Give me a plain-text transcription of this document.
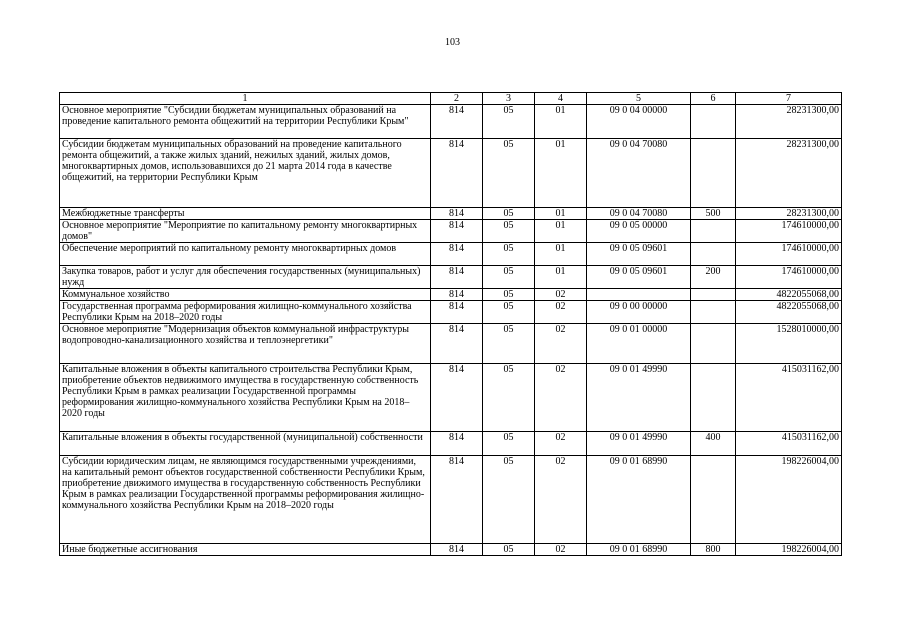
103
1	2	3	4	5	6	7
Основное мероприятие "Субсидии бюджетам муниципальных образований на проведение капитального ремонта общежитий на территории Республики Крым"	814	05	01	09 0 04 00000		28231300,00
Субсидии бюджетам муниципальных образований на проведение капитального ремонта общежитий, а также жилых зданий, нежилых зданий, жилых домов, многоквартирных домов, использовавшихся до 21 марта 2014 года в качестве общежитий, на территории Республики Крым	814	05	01	09 0 04 70080		28231300,00
Межбюджетные трансферты	814	05	01	09 0 04 70080	500	28231300,00
Основное мероприятие "Мероприятие по капитальному ремонту многоквартирных домов"	814	05	01	09 0 05 00000		174610000,00
Обеспечение мероприятий по капитальному ремонту многоквартирных домов	814	05	01	09 0 05 09601		174610000,00
Закупка товаров, работ и услуг для обеспечения государственных (муниципальных) нужд	814	05	01	09 0 05 09601	200	174610000,00
Коммунальное хозяйство	814	05	02			4822055068,00
Государственная программа реформирования жилищно-коммунального хозяйства Республики Крым на 2018–2020 годы	814	05	02	09 0 00 00000		4822055068,00
Основное мероприятие "Модернизация объектов коммунальной инфраструктуры водопроводно-канализационного хозяйства и теплоэнергетики"	814	05	02	09 0 01 00000		1528010000,00
Капитальные вложения в объекты капитального строительства Республики Крым, приобретение объектов недвижимого имущества в государственную собственность Республики Крым в рамках реализации Государственной программы реформирования жилищно-коммунального хозяйства Республики Крым на 2018–2020 годы	814	05	02	09 0 01 49990		415031162,00
Капитальные вложения в объекты государственной (муниципальной) собственности	814	05	02	09 0 01 49990	400	415031162,00
Субсидии юридическим лицам, не являющимся государственными учреждениями, на капитальный ремонт объектов государственной собственности Республики Крым, приобретение движимого имущества в государственную собственность Республики Крым в рамках реализации Государственной программы реформирования жилищно-коммунального хозяйства Республики Крым на 2018–2020 годы	814	05	02	09 0 01 68990		198226004,00
Иные бюджетные ассигнования	814	05	02	09 0 01 68990	800	198226004,00
